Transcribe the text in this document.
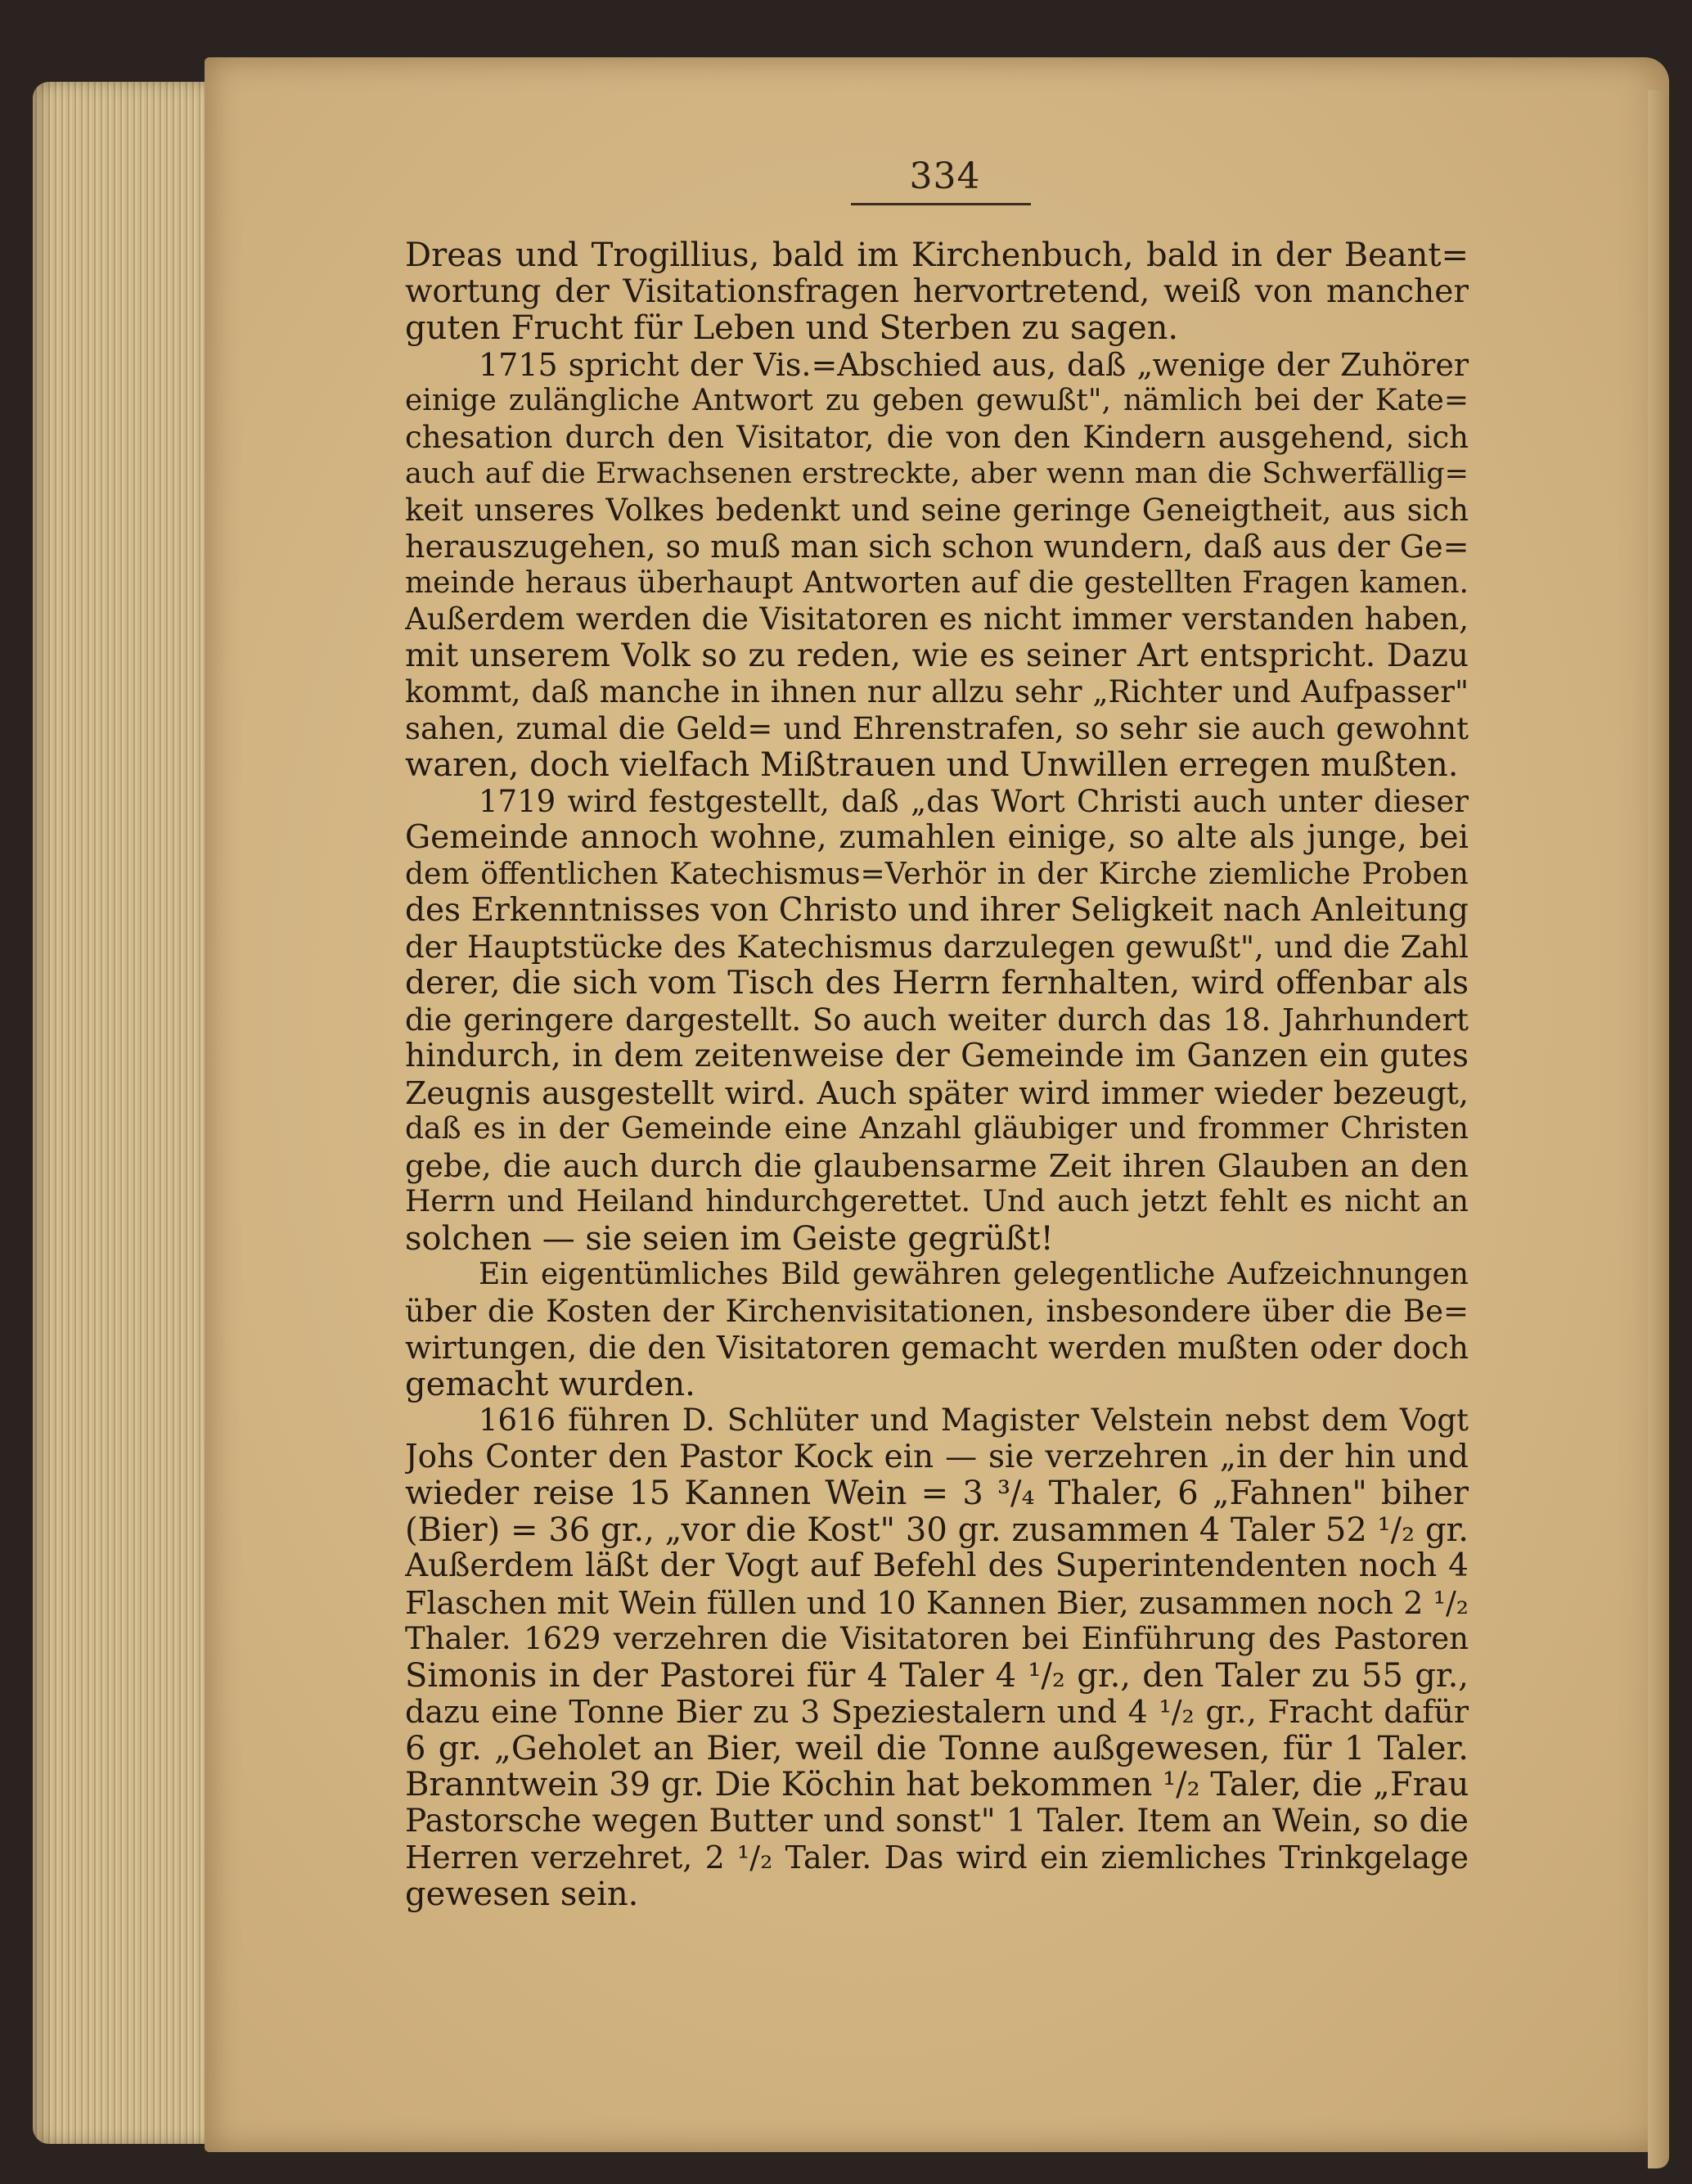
334
Dreas und Trogillius, bald im Kirchenbuch, bald in der Beant=
wortung der Visitationsfragen hervortretend, weiß von mancher
guten Frucht für Leben und Sterben zu sagen.
1715 spricht der Vis.=Abschied aus, daß „wenige der Zuhörer
einige zulängliche Antwort zu geben gewußt", nämlich bei der Kate=
chesation durch den Visitator, die von den Kindern ausgehend, sich
auch auf die Erwachsenen erstreckte, aber wenn man die Schwerfällig=
keit unseres Volkes bedenkt und seine geringe Geneigtheit, aus sich
herauszugehen, so muß man sich schon wundern, daß aus der Ge=
meinde heraus überhaupt Antworten auf die gestellten Fragen kamen.
Außerdem werden die Visitatoren es nicht immer verstanden haben,
mit unserem Volk so zu reden, wie es seiner Art entspricht. Dazu
kommt, daß manche in ihnen nur allzu sehr „Richter und Aufpasser"
sahen, zumal die Geld= und Ehrenstrafen, so sehr sie auch gewohnt
waren, doch vielfach Mißtrauen und Unwillen erregen mußten.
1719 wird festgestellt, daß „das Wort Christi auch unter dieser
Gemeinde annoch wohne, zumahlen einige, so alte als junge, bei
dem öffentlichen Katechismus=Verhör in der Kirche ziemliche Proben
des Erkenntnisses von Christo und ihrer Seligkeit nach Anleitung
der Hauptstücke des Katechismus darzulegen gewußt", und die Zahl
derer, die sich vom Tisch des Herrn fernhalten, wird offenbar als
die geringere dargestellt. So auch weiter durch das 18. Jahrhundert
hindurch, in dem zeitenweise der Gemeinde im Ganzen ein gutes
Zeugnis ausgestellt wird. Auch später wird immer wieder bezeugt,
daß es in der Gemeinde eine Anzahl gläubiger und frommer Christen
gebe, die auch durch die glaubensarme Zeit ihren Glauben an den
Herrn und Heiland hindurchgerettet. Und auch jetzt fehlt es nicht an
solchen — sie seien im Geiste gegrüßt!
Ein eigentümliches Bild gewähren gelegentliche Aufzeichnungen
über die Kosten der Kirchenvisitationen, insbesondere über die Be=
wirtungen, die den Visitatoren gemacht werden mußten oder doch
gemacht wurden.
1616 führen D. Schlüter und Magister Velstein nebst dem Vogt
Johs Conter den Pastor Kock ein — sie verzehren „in der hin und
wieder reise 15 Kannen Wein = 3 ³/₄ Thaler, 6 „Fahnen" biher
(Bier) = 36 gr., „vor die Kost" 30 gr. zusammen 4 Taler 52 ¹/₂ gr.
Außerdem läßt der Vogt auf Befehl des Superintendenten noch 4
Flaschen mit Wein füllen und 10 Kannen Bier, zusammen noch 2 ¹/₂
Thaler. 1629 verzehren die Visitatoren bei Einführung des Pastoren
Simonis in der Pastorei für 4 Taler 4 ¹/₂ gr., den Taler zu 55 gr.,
dazu eine Tonne Bier zu 3 Speziestalern und 4 ¹/₂ gr., Fracht dafür
6 gr. „Geholet an Bier, weil die Tonne außgewesen, für 1 Taler.
Branntwein 39 gr. Die Köchin hat bekommen ¹/₂ Taler, die „Frau
Pastorsche wegen Butter und sonst" 1 Taler. Item an Wein, so die
Herren verzehret, 2 ¹/₂ Taler. Das wird ein ziemliches Trinkgelage
gewesen sein.
